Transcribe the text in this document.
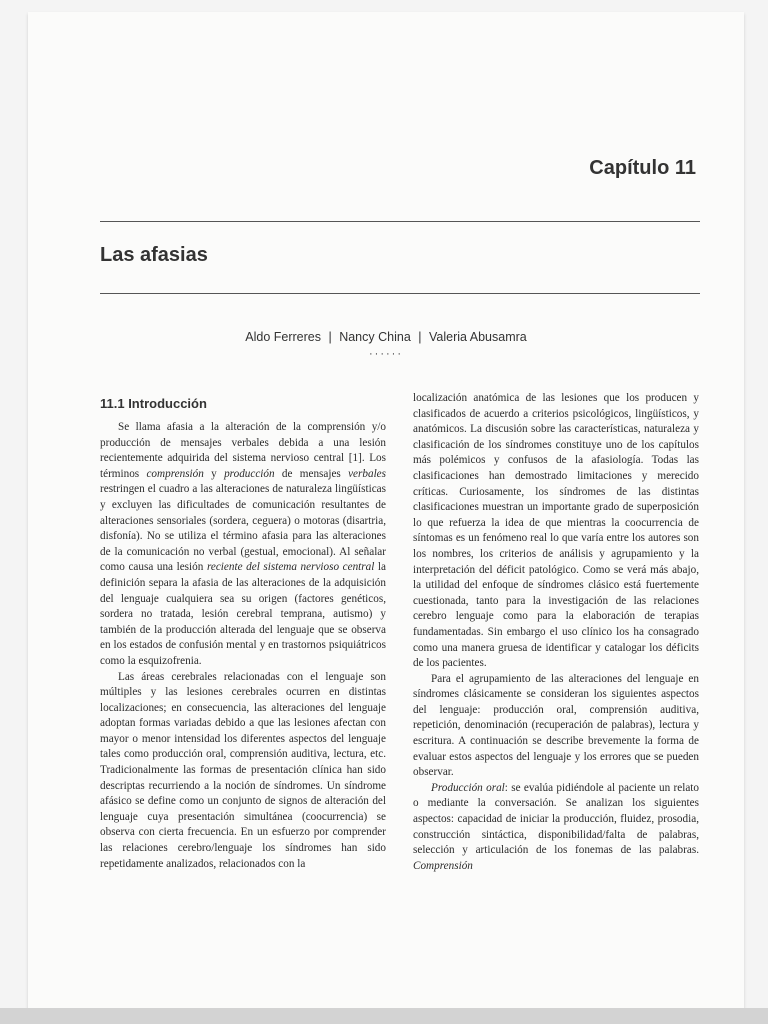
Capítulo 11
Las afasias
Aldo Ferreres | Nancy China | Valeria Abusamra
······
11.1 Introducción

Se llama afasia a la alteración de la comprensión y/o producción de mensajes verbales debida a una lesión recientemente adquirida del sistema nervioso central [1]. Los términos comprensión y producción de mensajes verbales restringen el cuadro a las alteraciones de naturaleza lingüísticas y excluyen las dificultades de comunicación resultantes de alteraciones sensoriales (sordera, ceguera) o motoras (disartria, disfonía). No se utiliza el término afasia para las alteraciones de la comunicación no verbal (gestual, emocional). Al señalar como causa una lesión reciente del sistema nervioso central la definición separa la afasia de las alteraciones de la adquisición del lenguaje cualquiera sea su origen (factores genéticos, sordera no tratada, lesión cerebral temprana, autismo) y también de la producción alterada del lenguaje que se observa en los estados de confusión mental y en trastornos psiquiátricos como la esquizofrenia.

Las áreas cerebrales relacionadas con el lenguaje son múltiples y las lesiones cerebrales ocurren en distintas localizaciones; en consecuencia, las alteraciones del lenguaje adoptan formas variadas debido a que las lesiones afectan con mayor o menor intensidad los diferentes aspectos del lenguaje tales como producción oral, comprensión auditiva, lectura, etc. Tradicionalmente las formas de presentación clínica han sido descriptas recurriendo a la noción de síndromes. Un síndrome afásico se define como un conjunto de signos de alteración del lenguaje cuya presentación simultánea (coocurrencia) se observa con cierta frecuencia. En un esfuerzo por comprender las relaciones cerebro/lenguaje los síndromes han sido repetidamente analizados, relacionados con la

localización anatómica de las lesiones que los producen y clasificados de acuerdo a criterios psicológicos, lingüísticos, y anatómicos. La discusión sobre las características, naturaleza y clasificación de los síndromes constituye uno de los capítulos más polémicos y confusos de la afasiología. Todas las clasificaciones han demostrado limitaciones y merecido críticas. Curiosamente, los síndromes de las distintas clasificaciones muestran un importante grado de superposición lo que refuerza la idea de que mientras la coocurrencia de síntomas es un fenómeno real lo que varía entre los autores son los nombres, los criterios de análisis y agrupamiento y la interpretación del déficit patológico. Como se verá más abajo, la utilidad del enfoque de síndromes clásico está fuertemente cuestionada, tanto para la investigación de las relaciones cerebro lenguaje como para la elaboración de terapias fundamentadas. Sin embargo el uso clínico los ha consagrado como una manera gruesa de identificar y catalogar los déficits de los pacientes.

Para el agrupamiento de las alteraciones del lenguaje en síndromes clásicamente se consideran los siguientes aspectos del lenguaje: producción oral, comprensión auditiva, repetición, denominación (recuperación de palabras), lectura y escritura. A continuación se describe brevemente la forma de evaluar estos aspectos del lenguaje y los errores que se pueden observar.

Producción oral: se evalúa pidiéndole al paciente un relato o mediante la conversación. Se analizan los siguientes aspectos: capacidad de iniciar la producción, fluidez, prosodia, construcción sintáctica, disponibilidad/falta de palabras, selección y articulación de los fonemas de las palabras. Comprensión
